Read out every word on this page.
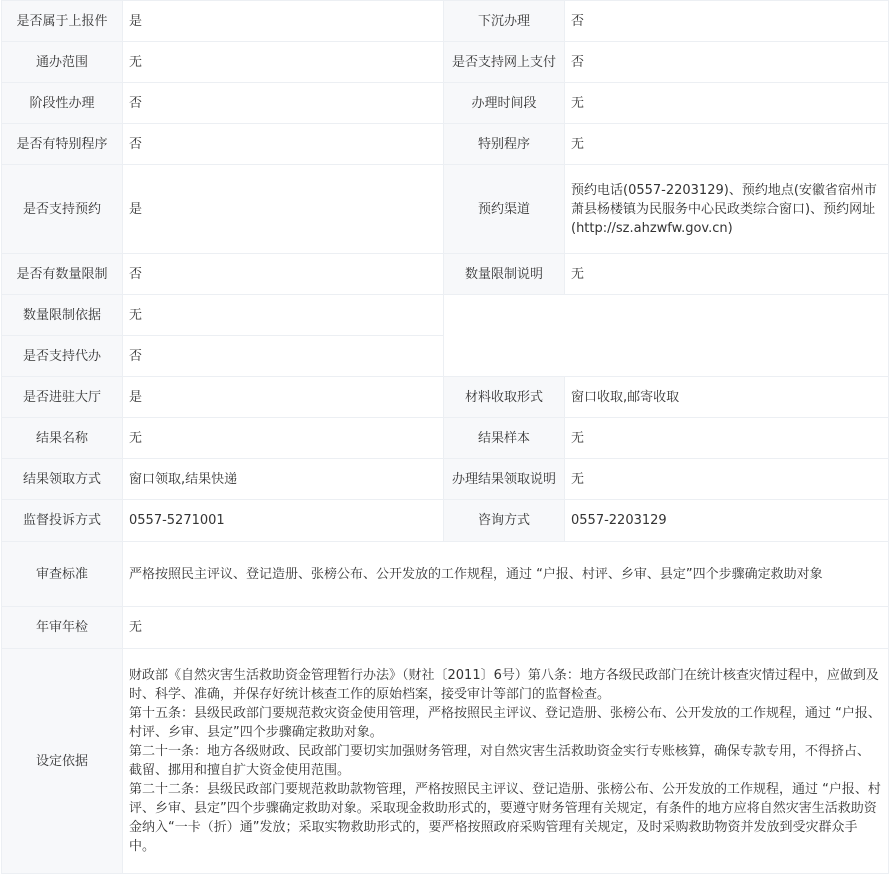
是否属于上报件	是	下沉办理	否
通办范围	无	是否支持网上支付	否
阶段性办理	否	办理时间段	无
是否有特别程序	否	特别程序	无
是否支持预约	是	预约渠道	预约电话(0557-2203129)、预约地点(安徽省宿州市萧县杨楼镇为民服务中心民政类综合窗口)、预约网址(http://sz.ahzwfw.gov.cn)
是否有数量限制	否	数量限制说明	无
数量限制依据	无		
是否支持代办	否		
是否进驻大厅	是	材料收取形式	窗口收取,邮寄收取
结果名称	无	结果样本	无
结果领取方式	窗口领取,结果快递	办理结果领取说明	无
监督投诉方式	0557-5271001	咨询方式	0557-2203129
审查标准	严格按照民主评议、登记造册、张榜公布、公开发放的工作规程，通过 “户报、村评、乡审、县定”四个步骤确定救助对象		
年审年检	无		
设定依据	财政部《自然灾害生活救助资金管理暂行办法》（财社〔2011〕6号）第八条：地方各级民政部门在统计核查灾情过程中，应做到及时、科学、准确，并保存好统计核查工作的原始档案，接受审计等部门的监督检查。
第十五条：县级民政部门要规范救灾资金使用管理，严格按照民主评议、登记造册、张榜公布、公开发放的工作规程，通过 “户报、村评、乡审、县定”四个步骤确定救助对象。
第二十一条：地方各级财政、民政部门要切实加强财务管理，对自然灾害生活救助资金实行专账核算，确保专款专用，不得挤占、截留、挪用和擅自扩大资金使用范围。
第二十二条：县级民政部门要规范救助款物管理，严格按照民主评议、登记造册、张榜公布、公开发放的工作规程，通过 “户报、村评、乡审、县定”四个步骤确定救助对象。采取现金救助形式的，要遵守财务管理有关规定，有条件的地方应将自然灾害生活救助资金纳入“一卡（折）通”发放；采取实物救助形式的，要严格按照政府采购管理有关规定，及时采购救助物资并发放到受灾群众手中。		
